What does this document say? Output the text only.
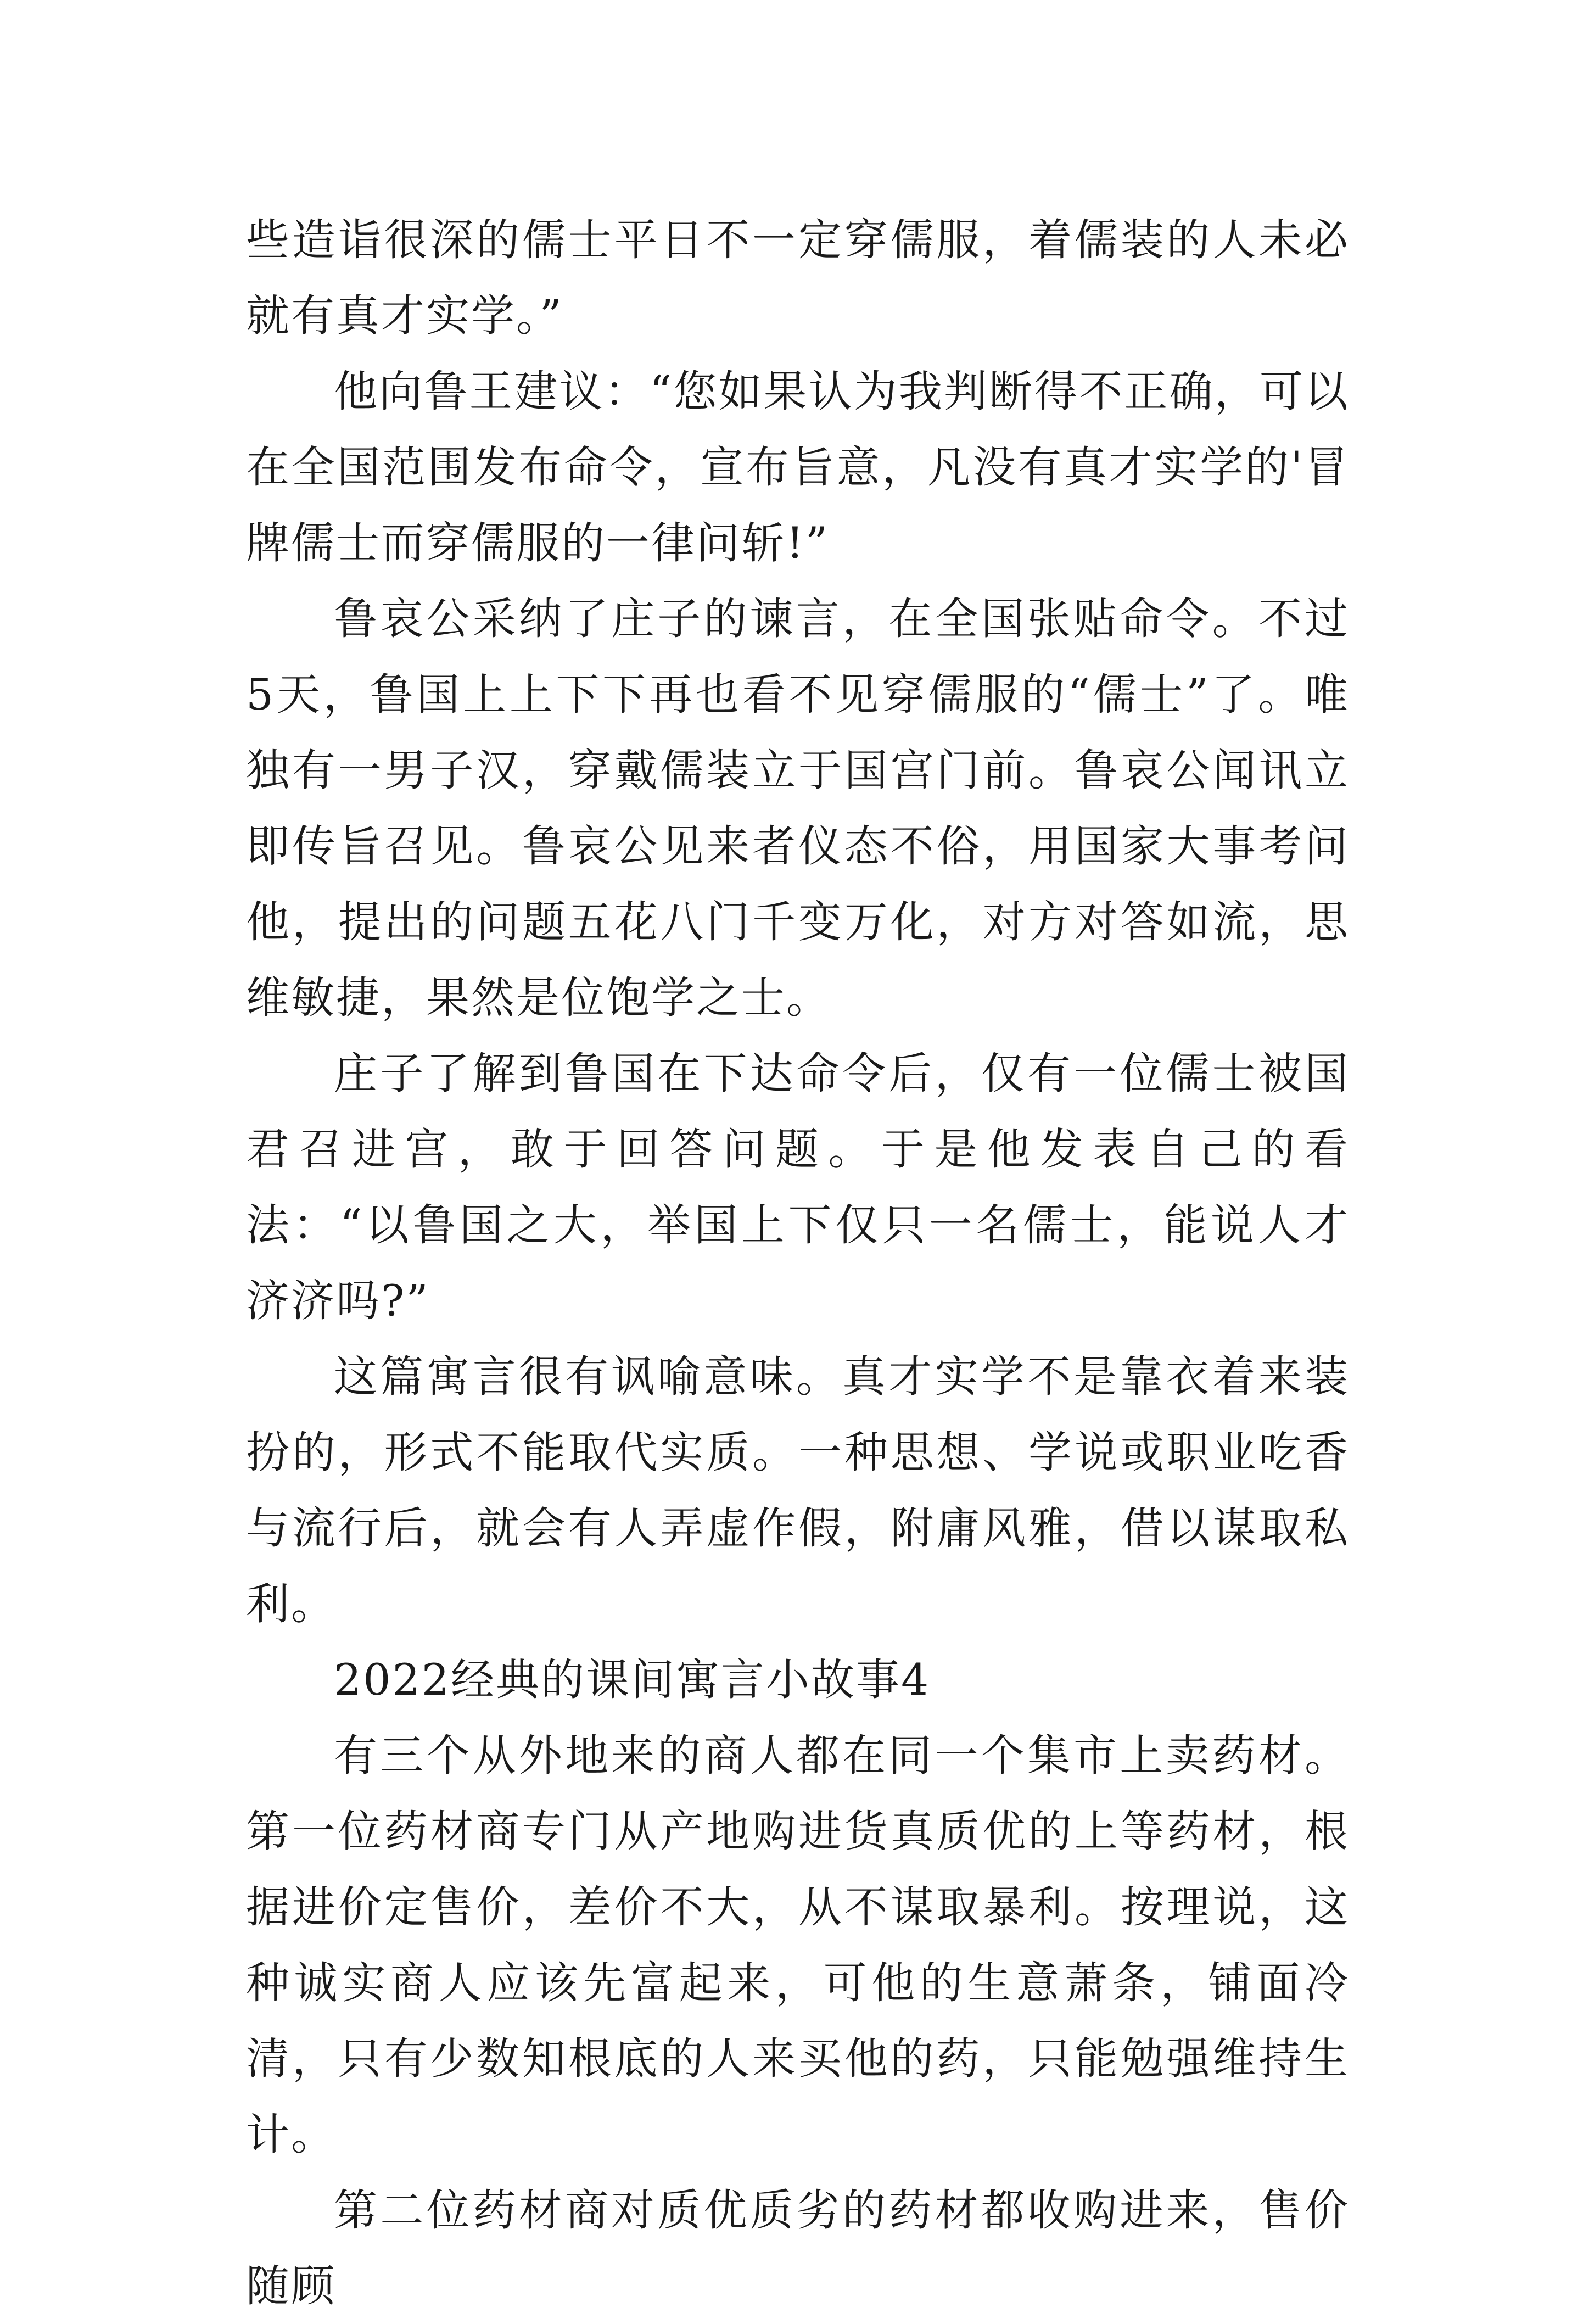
些造诣很深的儒士平日不一定穿儒服，着儒装的人未必就有真才实学。”

他向鲁王建议：“您如果认为我判断得不正确，可以在全国范围发布命令，宣布旨意，凡没有真才实学的'冒牌儒士而穿儒服的一律问斩!”

鲁哀公采纳了庄子的谏言，在全国张贴命令。不过5天，鲁国上上下下再也看不见穿儒服的“儒士”了。唯独有一男子汉，穿戴儒装立于国宫门前。鲁哀公闻讯立即传旨召见。鲁哀公见来者仪态不俗，用国家大事考问他，提出的问题五花八门千变万化，对方对答如流，思维敏捷，果然是位饱学之士。

庄子了解到鲁国在下达命令后，仅有一位儒士被国君召进宫，敢于回答问题。于是他发表自己的看法：“以鲁国之大，举国上下仅只一名儒士，能说人才济济吗?”

这篇寓言很有讽喻意味。真才实学不是靠衣着来装扮的，形式不能取代实质。一种思想、学说或职业吃香与流行后，就会有人弄虚作假，附庸风雅，借以谋取私利。

2022经典的课间寓言小故事4

有三个从外地来的商人都在同一个集市上卖药材。第一位药材商专门从产地购进货真质优的上等药材，根据进价定售价，差价不大，从不谋取暴利。按理说，这种诚实商人应该先富起来，可他的生意萧条，铺面冷清，只有少数知根底的人来买他的药，只能勉强维持生计。

第二位药材商对质优质劣的药材都收购进来，售价随顾
